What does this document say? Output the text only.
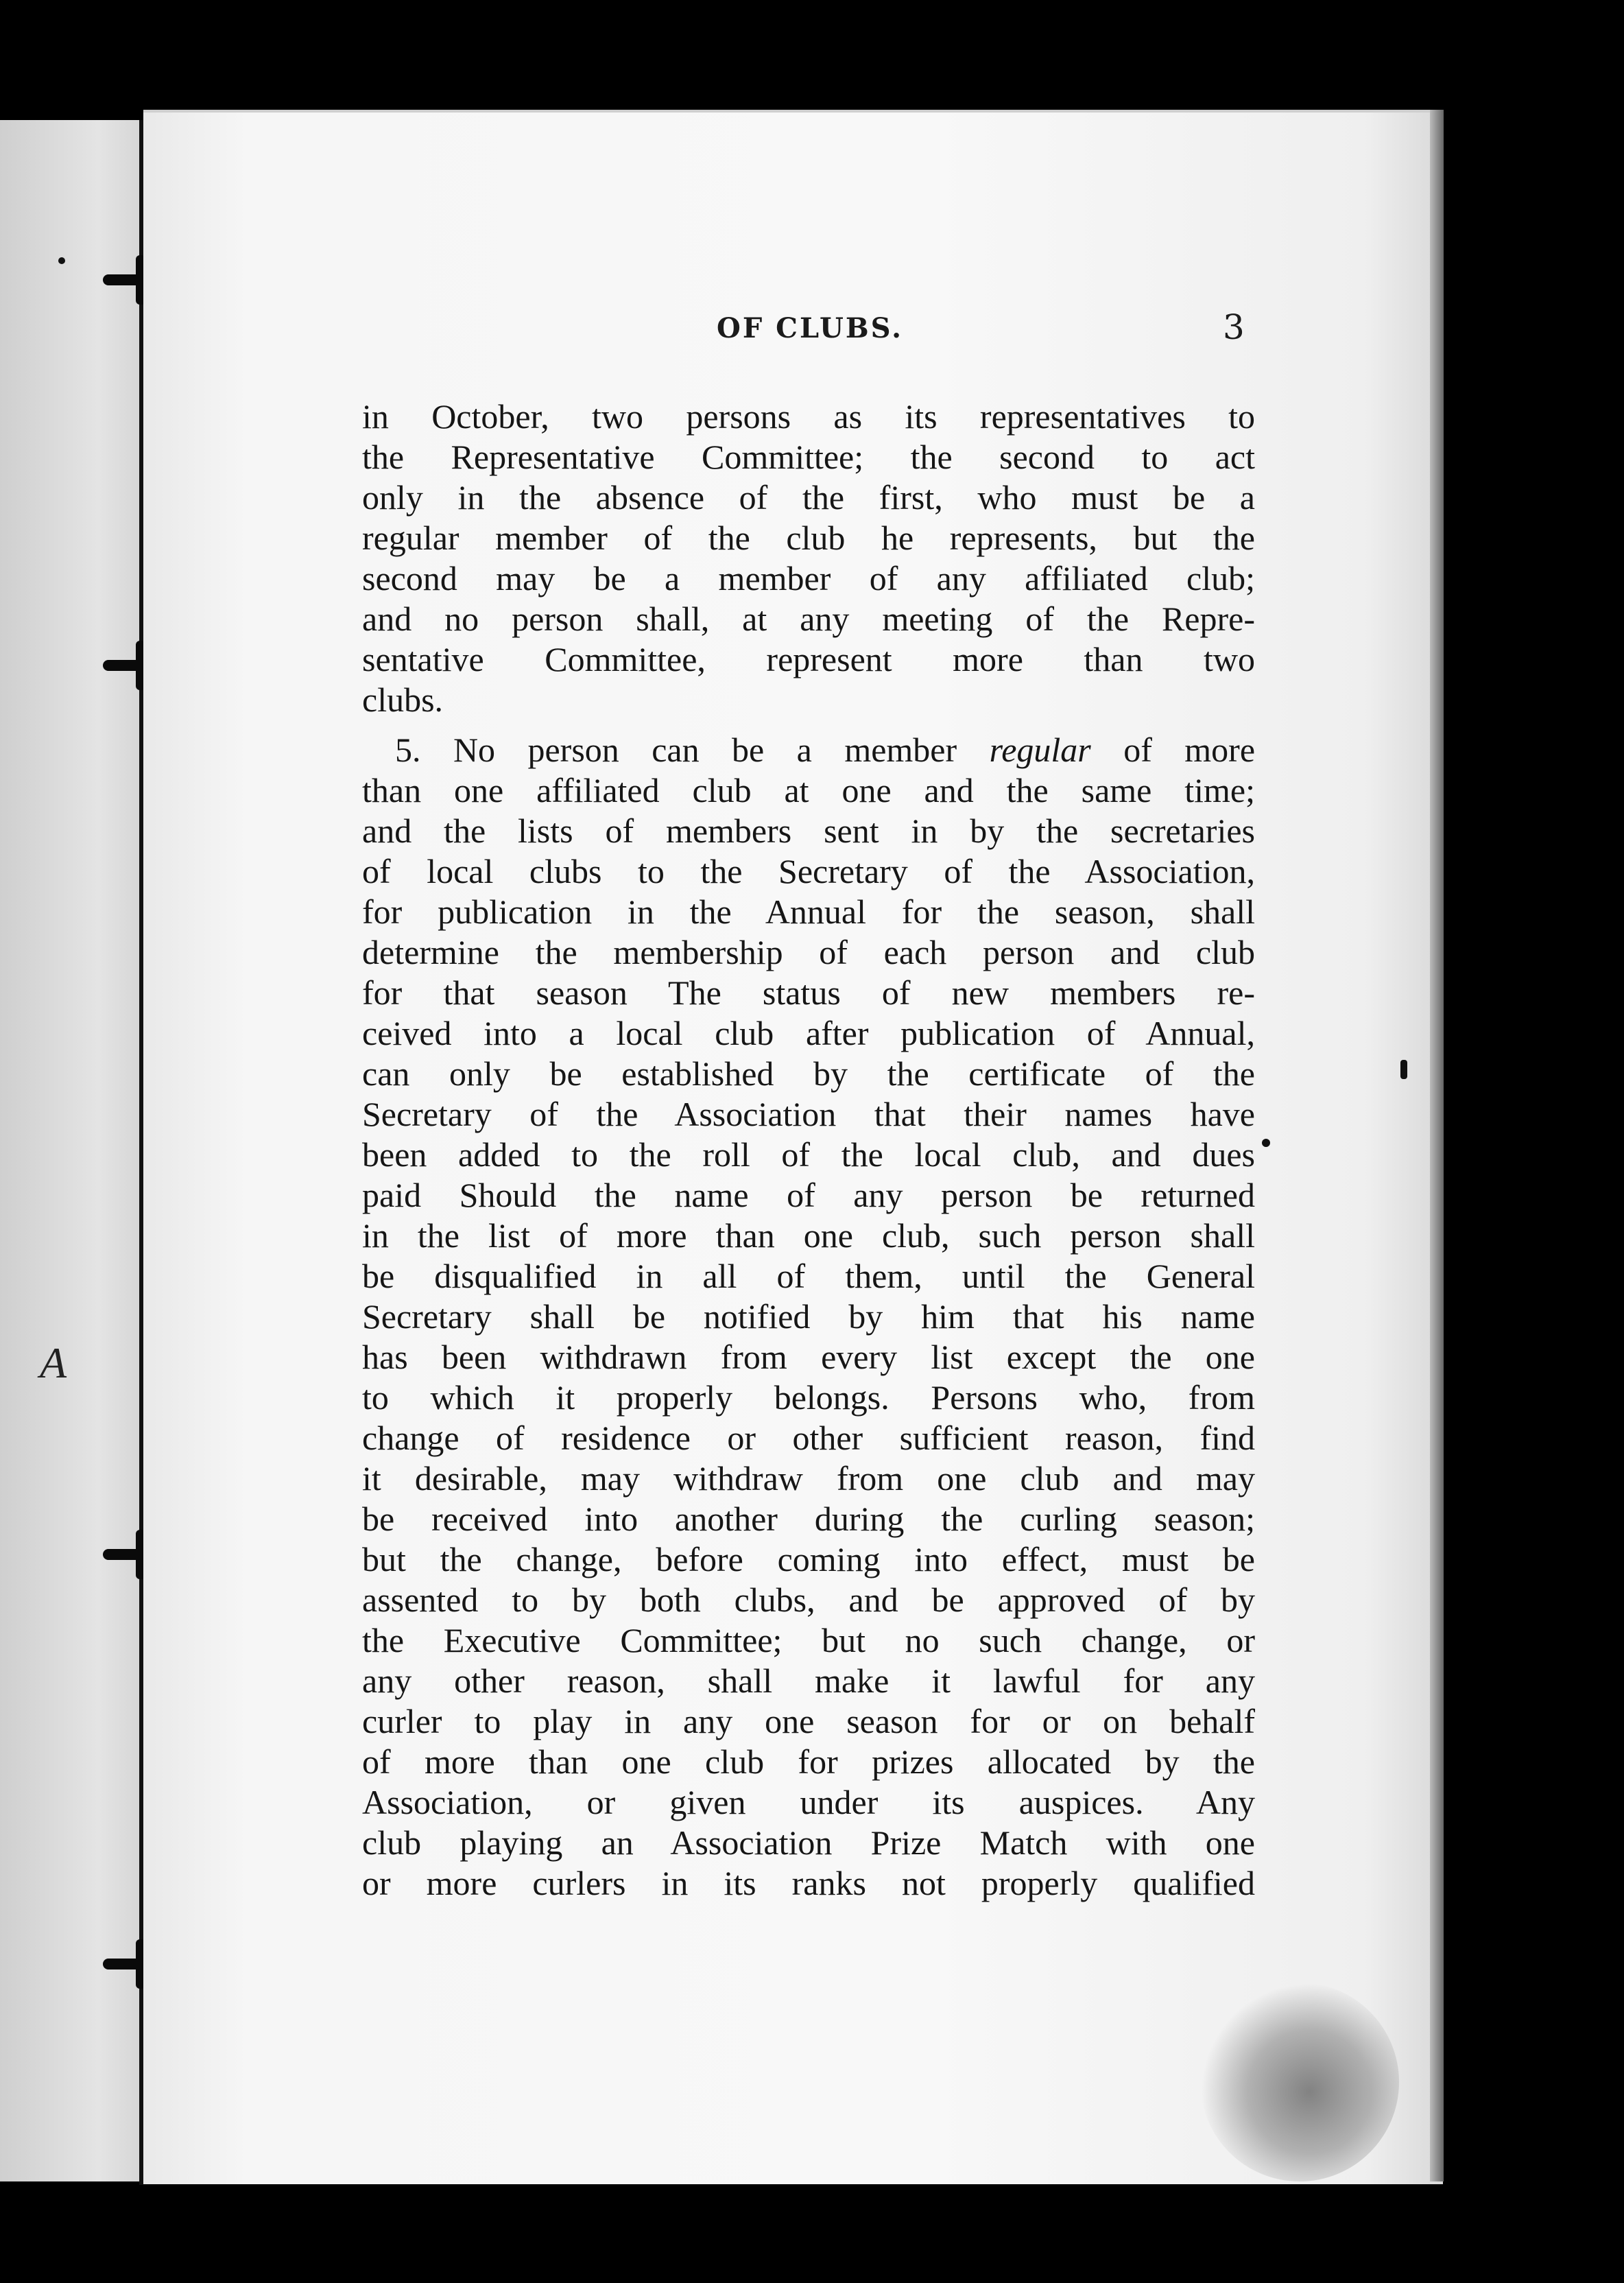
A
OF CLUBS.	3
in October, two persons as its representatives to
the Representative Committee; the second to act
only in the absence of the first, who must be a
regular member of the club he represents, but the
second may be a member of any affiliated club;
and no person shall, at any meeting of the Repre-
sentative Committee, represent more than two
clubs.
5. No person can be a member regular of more
than one affiliated club at one and the same time;
and the lists of members sent in by the secretaries
of local clubs to the Secretary of the Association,
for publication in the Annual for the season, shall
determine the membership of each person and club
for that season The status of new members re-
ceived into a local club after publication of Annual,
can only be established by the certificate of the
Secretary of the Association that their names have
been added to the roll of the local club, and dues
paid Should the name of any person be returned
in the list of more than one club, such person shall
be disqualified in all of them, until the General
Secretary shall be notified by him that his name
has been withdrawn from every list except the one
to which it properly belongs. Persons who, from
change of residence or other sufficient reason, find
it desirable, may withdraw from one club and may
be received into another during the curling season;
but the change, before coming into effect, must be
assented to by both clubs, and be approved of by
the Executive Committee; but no such change, or
any other reason, shall make it lawful for any
curler to play in any one season for or on behalf
of more than one club for prizes allocated by the
Association, or given under its auspices. Any
club playing an Association Prize Match with one
or more curlers in its ranks not properly qualified
